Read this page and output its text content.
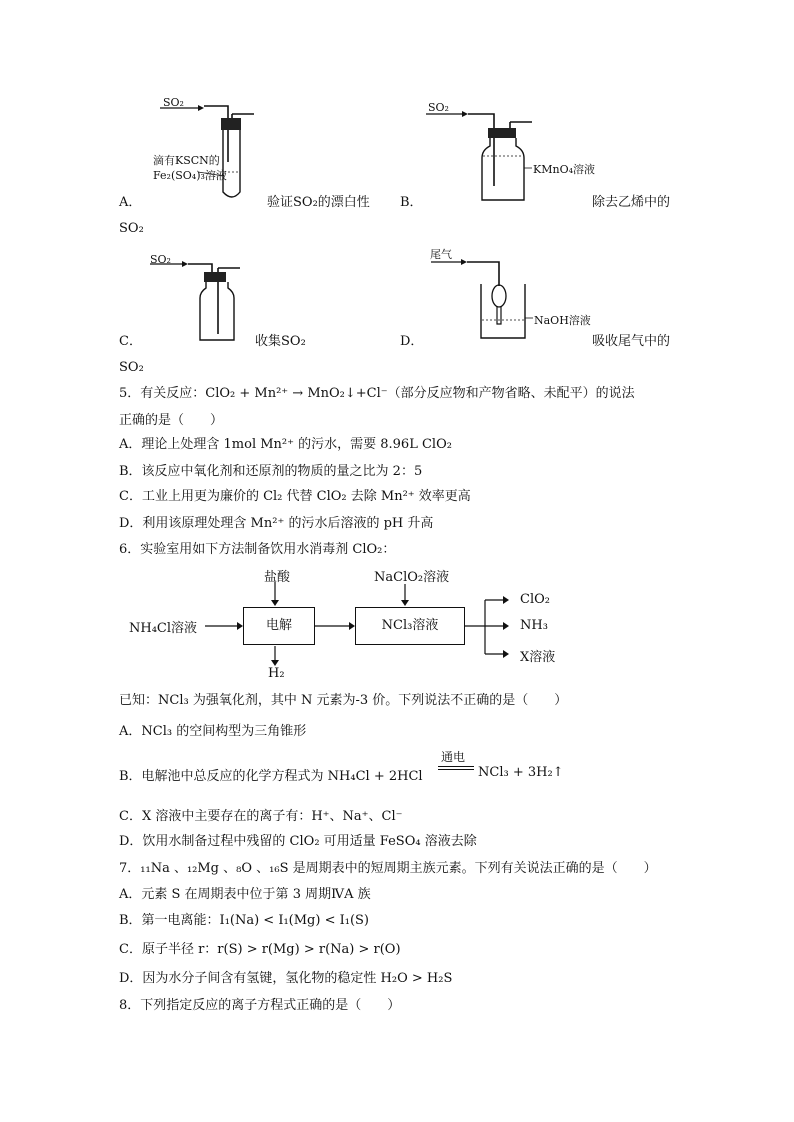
SO₂
滴有KSCN的
Fe₂(SO₄)₃溶液
A．	验证SO₂的漂白性
SO₂
KMnO₄溶液
B．	除去乙烯中的
SO₂
SO₂
C．	收集SO₂
尾气
NaOH溶液
D．	吸收尾气中的
SO₂
5．有关反应：ClO₂ + Mn²⁺ → MnO₂↓+Cl⁻（部分反应物和产物省略、未配平）的说法
正确的是（　　）
A．理论上处理含 1mol Mn²⁺ 的污水，需要 8.96L ClO₂
B．该反应中氧化剂和还原剂的物质的量之比为 2：5
C．工业上用更为廉价的 Cl₂ 代替 ClO₂ 去除 Mn²⁺ 效率更高
D．利用该原理处理含 Mn²⁺ 的污水后溶液的 pH 升高
6．实验室用如下方法制备饮用水消毒剂 ClO₂：
电解	NCl₃溶液
NH₄Cl溶液
盐酸
H₂
NaClO₂溶液
ClO₂
NH₃
X溶液
已知：NCl₃ 为强氧化剂，其中 N 元素为-3 价。下列说法不正确的是（　　）
A．NCl₃ 的空间构型为三角锥形
B．电解池中总反应的化学方程式为 NH₄Cl + 2HCl
通电
NCl₃ + 3H₂↑
C．X 溶液中主要存在的离子有：H⁺、Na⁺、Cl⁻
D．饮用水制备过程中残留的 ClO₂ 可用适量 FeSO₄ 溶液去除
7．₁₁Na 、₁₂Mg 、₈O 、₁₆S 是周期表中的短周期主族元素。下列有关说法正确的是（　　）
A．元素 S 在周期表中位于第 3 周期ⅣA 族
B．第一电离能：I₁(Na) < I₁(Mg) < I₁(S)
C．原子半径 r：r(S) > r(Mg) > r(Na) > r(O)
D．因为水分子间含有氢键，氢化物的稳定性 H₂O > H₂S
8．下列指定反应的离子方程式正确的是（　　）
